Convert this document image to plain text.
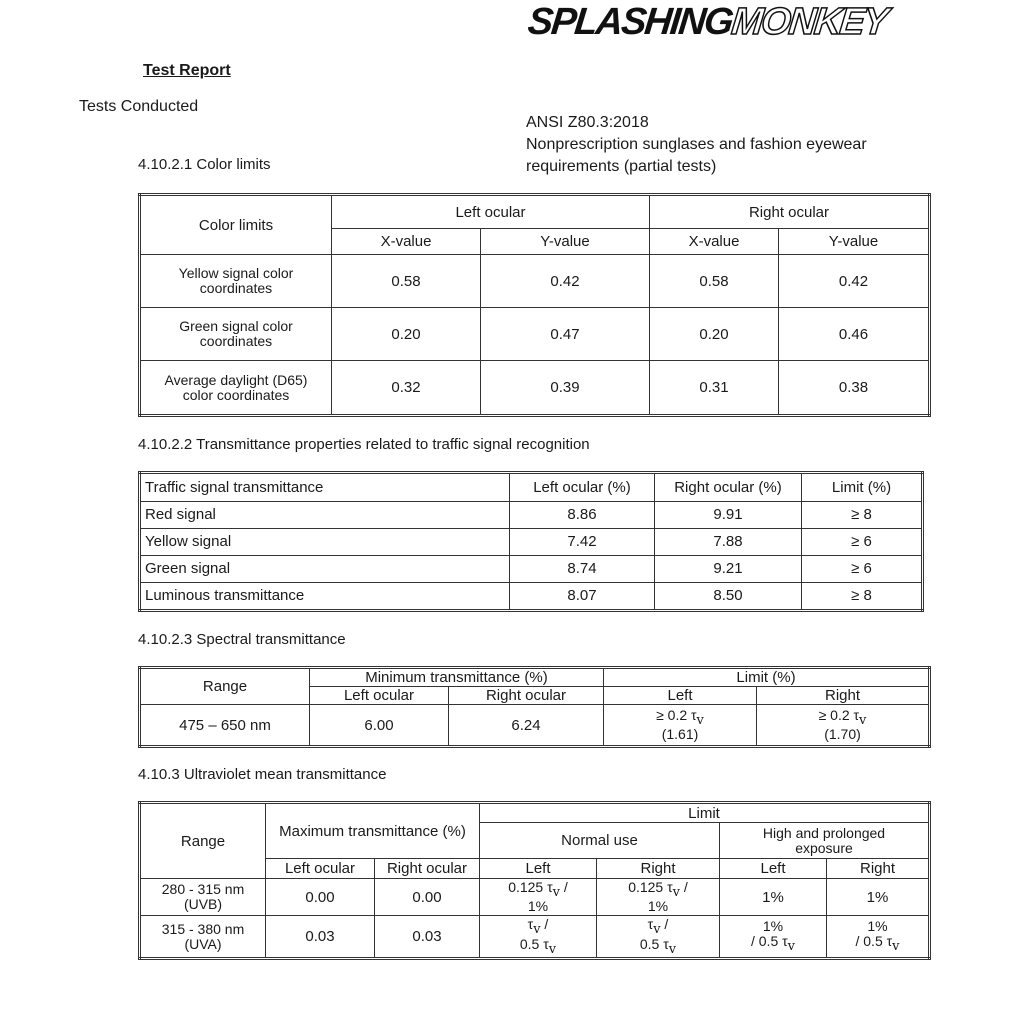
SPLASHINGMONKEY
Test Report
Tests Conducted
ANSI Z80.3:2018
Nonprescription sunglases and fashion eyewear
requirements (partial tests)
4.10.2.1 Color limits
Color limits	Left ocular		Right ocular	
	X-value	Y-value	X-value	Y-value
Yellow signal color
coordinates	0.58	0.42	0.58	0.42
Green signal color
coordinates	0.20	0.47	0.20	0.46
Average daylight (D65)
color coordinates	0.32	0.39	0.31	0.38
4.10.2.2 Transmittance properties related to traffic signal recognition
Traffic signal transmittance	Left ocular (%)	Right ocular (%)	Limit (%)
Red signal	8.86	9.91	≥ 8
Yellow signal	7.42	7.88	≥ 6
Green signal	8.74	9.21	≥ 6
Luminous transmittance	8.07	8.50	≥ 8
4.10.2.3 Spectral transmittance
Range	Minimum transmittance (%)		Limit (%)	
	Left ocular	Right ocular	Left	Right
475 – 650 nm	6.00	6.24	≥ 0.2 $\tau_v$
(1.61)	≥ 0.2 $\tau_v$
(1.70)
4.10.3 Ultraviolet mean transmittance
Range	Maximum transmittance (%)		Limit			
			Normal use		High and prolonged
exposure	
	Left ocular	Right ocular	Left	Right	Left	Right
280 - 315 nm
(UVB)	0.00	0.00	0.125 $\tau_v$ /
1%	0.125 $\tau_v$ /
1%	1%	1%
315 - 380 nm
(UVA)	0.03	0.03	$\tau_v$ /
0.5 $\tau_v$	$\tau_v$ /
0.5 $\tau_v$	1%
/ 0.5 $\tau_v$	1%
/ 0.5 $\tau_v$
